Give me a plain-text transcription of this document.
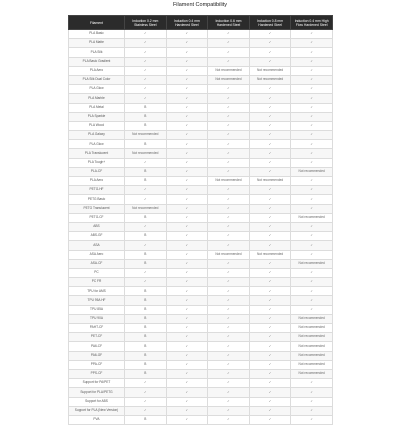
Filament Compatibility
Filament	Induction 0.2 mm Stainless Steel	Induction 0.4 mm Hardened Steel	Induction 0.6 mm Hardened Steel	Induction 0.8 mm Hardened Steel	Induction 0.4 mm High Flow Hardened Steel
PLA Basic	✓	✓	✓	✓	✓
PLA Matte	✓	✓	✓	✓	✓
PLA Silk	✓	✓	✓	✓	✓
PLA Basic Gradient	✓	✓	✓	✓	✓
PLA Aero	✓	✓	Not recommended	Not recommended	✓
PLA Silk Dual Color	✓	✓	Not recommended	Not recommended	✓
PLA Glow	✓	✓	✓	✓	✓
PLA Marble	✓	✓	✓	✓	✓
PLA Metal	B	✓	✓	✓	✓
PLA Sparkle	B	✓	✓	✓	✓
PLA Wood	B	✓	✓	✓	✓
PLA Galaxy	Not recommended	✓	✓	✓	✓
PLA Glow	B	✓	✓	✓	✓
PLA Translucent	Not recommended	✓	✓	✓	✓
PLA Tough+	✓	✓	✓	✓	✓
PLA-CF	B	✓	✓	✓	Not recommended
PLA Aero	B	✓	Not recommended	Not recommended	✓
PETG-HF	✓	✓	✓	✓	✓
PETG Basic	✓	✓	✓	✓	✓
PETG Translucent	Not recommended	✓	✓	✓	✓
PETG-CF	B	✓	✓	✓	Not recommended
ABS	✓	✓	✓	✓	✓
ABS-GF	B	✓	✓	✓	✓
ASA	✓	✓	✓	✓	✓
ASA Aero	B	✓	Not recommended	Not recommended	✓
ASA-CF	B	✓	✓	✓	Not recommended
PC	✓	✓	✓	✓	✓
PC FR	✓	✓	✓	✓	✓
TPU for AMS	B	✓	✓	✓	✓
TPU 95A HF	B	✓	✓	✓	✓
TPU 85A	B	✓	✓	✓	✓
TPU 90A	B	✓	✓	✓	Not recommended
PAHT-CF	B	✓	✓	✓	Not recommended
PET-CF	B	✓	✓	✓	Not recommended
PA6-CF	B	✓	✓	✓	Not recommended
PA6-GF	B	✓	✓	✓	Not recommended
PPA-CF	B	✓	✓	✓	Not recommended
PPS-CF	B	✓	✓	✓	Not recommended
Support for PA/PET	✓	✓	✓	✓	✓
Support for PLA/PETG	✓	✓	✓	✓	✓
Support for ABS	✓	✓	✓	✓	✓
Support for PLA (New Version)	✓	✓	✓	✓	✓
PVA	B	✓	✓	✓	✓
